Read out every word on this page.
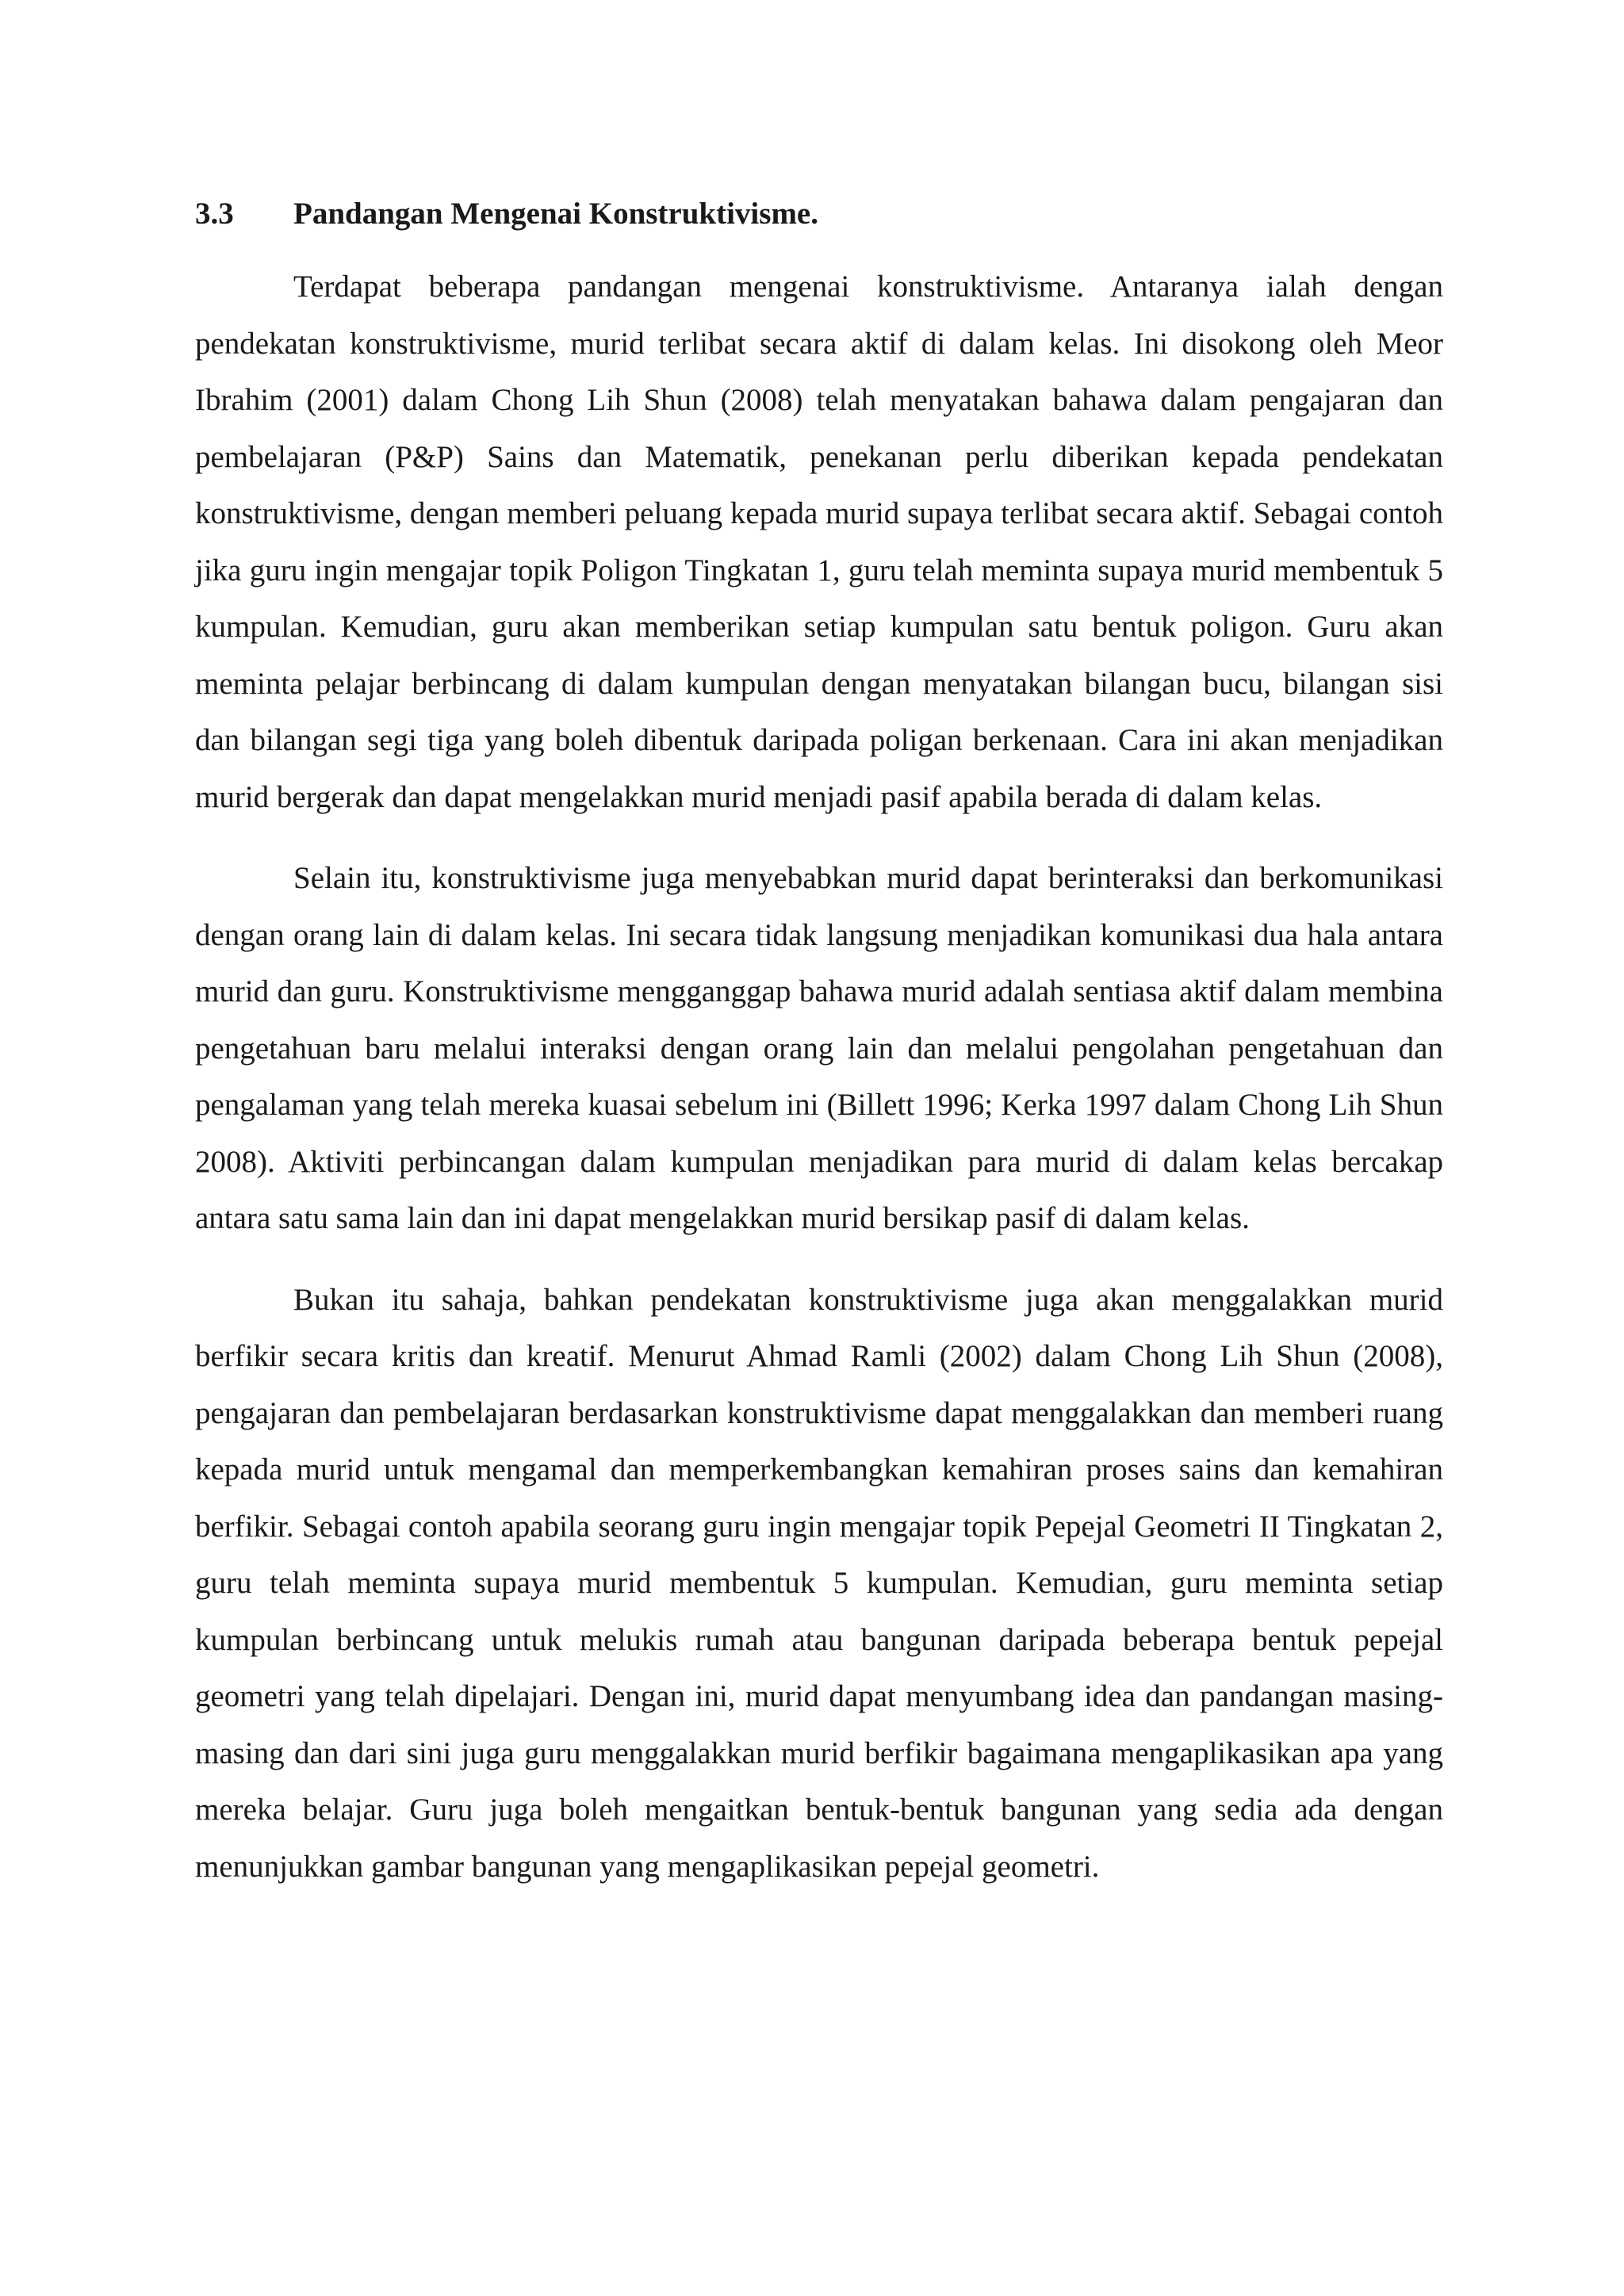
3.3	Pandangan Mengenai Konstruktivisme.

Terdapat beberapa pandangan mengenai konstruktivisme. Antaranya ialah dengan pendekatan konstruktivisme, murid terlibat secara aktif di dalam kelas. Ini disokong oleh Meor Ibrahim (2001) dalam Chong Lih Shun (2008) telah menyatakan bahawa dalam pengajaran dan pembelajaran (P&P) Sains dan Matematik, penekanan perlu diberikan kepada pendekatan konstruktivisme, dengan memberi peluang kepada murid supaya terlibat secara aktif. Sebagai contoh jika guru ingin mengajar topik Poligon Tingkatan 1, guru telah meminta supaya murid membentuk 5 kumpulan. Kemudian, guru akan memberikan setiap kumpulan satu bentuk poligon. Guru akan meminta pelajar berbincang di dalam kumpulan dengan menyatakan bilangan bucu, bilangan sisi dan bilangan segi tiga yang boleh dibentuk daripada poligan berkenaan. Cara ini akan menjadikan murid bergerak dan dapat mengelakkan murid menjadi pasif apabila berada di dalam kelas.

Selain itu, konstruktivisme juga menyebabkan murid dapat berinteraksi dan berkomunikasi dengan orang lain di dalam kelas. Ini secara tidak langsung menjadikan komunikasi dua hala antara murid dan guru. Konstruktivisme mengganggap bahawa murid adalah sentiasa aktif dalam membina pengetahuan baru melalui interaksi dengan orang lain dan melalui pengolahan pengetahuan dan pengalaman yang telah mereka kuasai sebelum ini (Billett 1996; Kerka 1997 dalam Chong Lih Shun 2008). Aktiviti perbincangan dalam kumpulan menjadikan para murid di dalam kelas bercakap antara satu sama lain dan ini dapat mengelakkan murid bersikap pasif di dalam kelas.

Bukan itu sahaja, bahkan pendekatan konstruktivisme juga akan menggalakkan murid berfikir secara kritis dan kreatif. Menurut Ahmad Ramli (2002) dalam Chong Lih Shun (2008), pengajaran dan pembelajaran berdasarkan konstruktivisme dapat menggalakkan dan memberi ruang kepada murid untuk mengamal dan memperkembangkan kemahiran proses sains dan kemahiran berfikir. Sebagai contoh apabila seorang guru ingin mengajar topik Pepejal Geometri II Tingkatan 2, guru telah meminta supaya murid membentuk 5 kumpulan. Kemudian, guru meminta setiap kumpulan berbincang untuk melukis rumah atau bangunan daripada beberapa bentuk pepejal geometri yang telah dipelajari. Dengan ini, murid dapat menyumbang idea dan pandangan masing-masing dan dari sini juga guru menggalakkan murid berfikir bagaimana mengaplikasikan apa yang mereka belajar. Guru juga boleh mengaitkan bentuk-bentuk bangunan yang sedia ada dengan menunjukkan gambar bangunan yang mengaplikasikan pepejal geometri.
